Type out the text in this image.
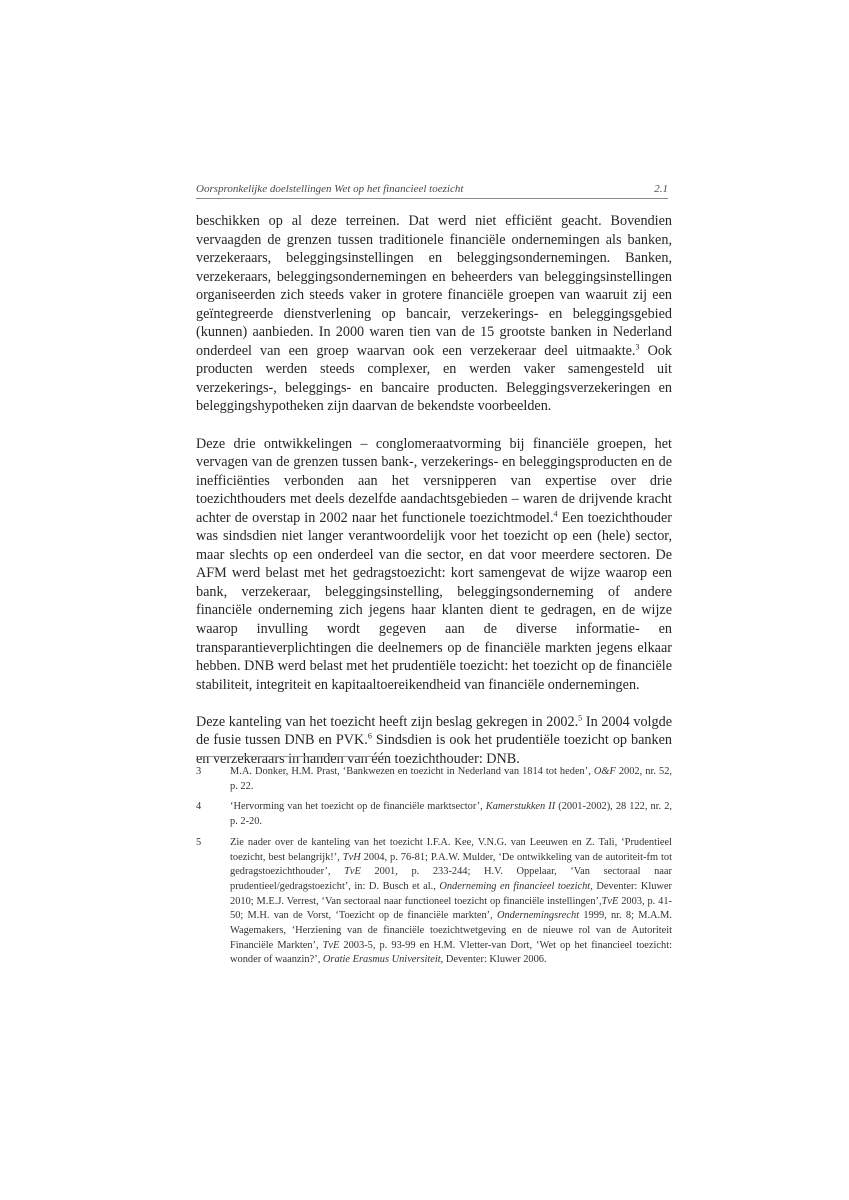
Oorspronkelijke doelstellingen Wet op het financieel toezicht	2.1

beschikken op al deze terreinen. Dat werd niet efficiënt geacht. Bovendien vervaagden de grenzen tussen traditionele financiële ondernemingen als banken, verzekeraars, beleggingsinstellingen en beleggingsondernemingen. Banken, verzekeraars, beleggingsondernemingen en beheerders van beleggingsinstellingen organiseerden zich steeds vaker in grotere financiële groepen van waaruit zij een geïntegreerde dienstverlening op bancair, verzekerings- en beleggingsgebied (kunnen) aanbieden. In 2000 waren tien van de 15 grootste banken in Nederland onderdeel van een groep waarvan ook een verzekeraar deel uitmaakte.$^3$ Ook producten werden steeds complexer, en werden vaker samengesteld uit verzekerings-, beleggings- en bancaire producten. Beleggingsverzekeringen en beleggingshypotheken zijn daarvan de bekendste voorbeelden.

Deze drie ontwikkelingen – conglomeraatvorming bij financiële groepen, het vervagen van de grenzen tussen bank-, verzekerings- en beleggingsproducten en de inefficiënties verbonden aan het versnipperen van expertise over drie toezichthouders met deels dezelfde aandachtsgebieden – waren de drijvende kracht achter de overstap in 2002 naar het functionele toezichtmodel.$^4$ Een toezichthouder was sindsdien niet langer verantwoordelijk voor het toezicht op een (hele) sector, maar slechts op een onderdeel van die sector, en dat voor meerdere sectoren. De AFM werd belast met het gedragstoezicht: kort samengevat de wijze waarop een bank, verzekeraar, beleggingsinstelling, beleggingsonderneming of andere financiële onderneming zich jegens haar klanten dient te gedragen, en de wijze waarop invulling wordt gegeven aan de diverse informatie- en transparantieverplichtingen die deelnemers op de financiële markten jegens elkaar hebben. DNB werd belast met het prudentiële toezicht: het toezicht op de financiële stabiliteit, integriteit en kapitaaltoereikendheid van financiële ondernemingen.

Deze kanteling van het toezicht heeft zijn beslag gekregen in 2002.$^5$ In 2004 volgde de fusie tussen DNB en PVK.$^6$ Sindsdien is ook het prudentiële toezicht op banken en verzekeraars in handen van één toezichthouder: DNB.

3	M.A. Donker, H.M. Prast, ‘Bankwezen en toezicht in Nederland van 1814 tot heden’, O&F 2002, nr. 52, p. 22.
4	‘Hervorming van het toezicht op de financiële marktsector’, Kamerstukken II (2001-2002), 28 122, nr. 2, p. 2-20.
5	Zie nader over de kanteling van het toezicht I.F.A. Kee, V.N.G. van Leeuwen en Z. Tali, ‘Prudentieel toezicht, best belangrijk!’, TvH 2004, p. 76-81; P.A.W. Mulder, ‘De ontwikkeling van de autoriteit-fm tot gedragstoezichthouder’, TvE 2001, p. 233-244; H.V. Oppelaar, ‘Van sectoraal naar prudentieel/gedragstoezicht’, in: D. Busch et al., Onderneming en financieel toezicht, Deventer: Kluwer 2010; M.E.J. Verrest, ‘Van sectoraal naar functioneel toezicht op financiële instellingen’,TvE 2003, p. 41-50; M.H. van de Vorst, ‘Toezicht op de financiële markten’, Ondernemingsrecht 1999, nr. 8; M.A.M. Wagemakers, ‘Herziening van de financiële toezichtwetgeving en de nieuwe rol van de Autoriteit Financiële Markten’, TvE 2003-5, p. 93-99 en H.M. Vletter-van Dort, ‘Wet op het financieel toezicht: wonder of waanzin?’, Oratie Erasmus Universiteit, Deventer: Kluwer 2006.
